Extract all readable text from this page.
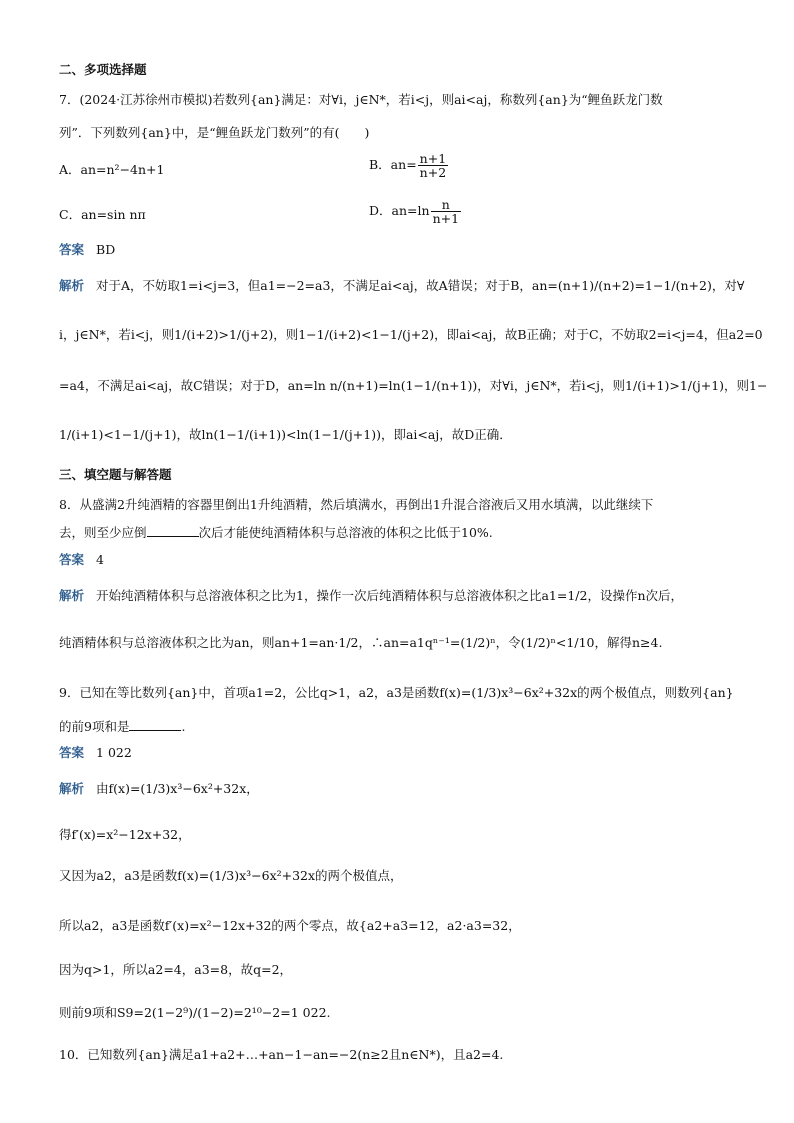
二、多项选择题
7．(2024·江苏徐州市模拟)若数列{an}满足：对∀i，j∈N*，若i<j，则ai<aj，称数列{an}为“鲤鱼跃龙门数
列”．下列数列{an}中，是“鲤鱼跃龙门数列”的有(　　)
A．an=n²−4n+1	B．$an= \frac{n+1}{n+2}$
C．an=sin nπ	D．$an=\ln \frac{n}{n+1}$
答案 BD
解析 对于A，不妨取1=i<j=3，但a1=−2=a3，不满足ai<aj，故A错误；对于B，an=(n+1)/(n+2)=1−1/(n+2)，对∀
i，j∈N*，若i<j，则1/(i+2)>1/(j+2)，则1−1/(i+2)<1−1/(j+2)，即ai<aj，故B正确；对于C，不妨取2=i<j=4，但a2=0
=a4，不满足ai<aj，故C错误；对于D，an=ln n/(n+1)=ln(1−1/(n+1))，对∀i，j∈N*，若i<j，则1/(i+1)>1/(j+1)，则1−
1/(i+1)<1−1/(j+1)，故ln(1−1/(i+1))<ln(1−1/(j+1))，即ai<aj，故D正确．
三、填空题与解答题
8．从盛满2升纯酒精的容器里倒出1升纯酒精，然后填满水，再倒出1升混合溶液后又用水填满，以此继续下
去，则至少应倒	次后才能使纯酒精体积与总溶液的体积之比低于10%.
答案 4
解析 开始纯酒精体积与总溶液体积之比为1，操作一次后纯酒精体积与总溶液体积之比a1=1/2，设操作n次后，
纯酒精体积与总溶液体积之比为an，则an+1=an·1/2，∴an=a1qⁿ⁻¹=(1/2)ⁿ，令(1/2)ⁿ<1/10，解得n≥4.
9．已知在等比数列{an}中，首项a1=2，公比q>1，a2，a3是函数f(x)=(1/3)x³−6x²+32x的两个极值点，则数列{an}
的前9项和是	.
答案 1 022
解析 由f(x)=(1/3)x³−6x²+32x，
得f′(x)=x²−12x+32，
又因为a2，a3是函数f(x)=(1/3)x³−6x²+32x的两个极值点，
所以a2，a3是函数f′(x)=x²−12x+32的两个零点，故{a2+a3=12，a2·a3=32，
因为q>1，所以a2=4，a3=8，故q=2，
则前9项和S9=2(1−2⁹)/(1−2)=2¹⁰−2=1 022.
10．已知数列{an}满足a1+a2+…+an−1−an=−2(n≥2且n∈N*)，且a2=4.
